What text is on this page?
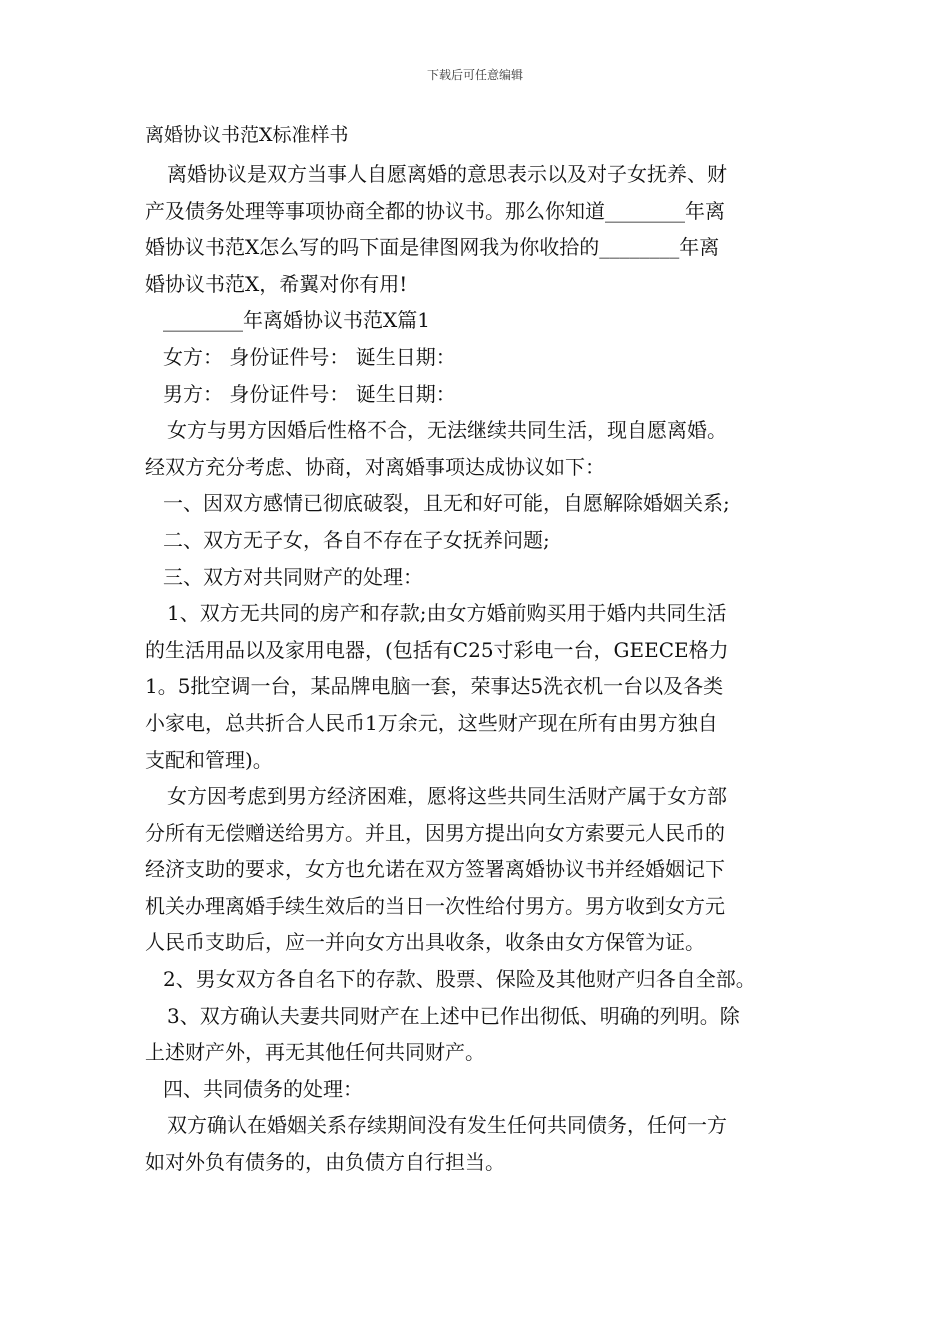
下载后可任意编辑
离婚协议书范X标准样书
离婚协议是双方当事人自愿离婚的意思表示以及对子女抚养、财
产及债务处理等事项协商全都的协议书。那么你知道________年离
婚协议书范X怎么写的吗下面是律图网我为你收拾的________年离
婚协议书范X，希翼对你有用!
________年离婚协议书范X篇1
女方： 身份证件号： 诞生日期：
男方： 身份证件号： 诞生日期：
女方与男方因婚后性格不合，无法继续共同生活，现自愿离婚。
经双方充分考虑、协商，对离婚事项达成协议如下：
一、因双方感情已彻底破裂，且无和好可能，自愿解除婚姻关系;
二、双方无子女，各自不存在子女抚养问题;
三、双方对共同财产的处理：
1、双方无共同的房产和存款;由女方婚前购买用于婚内共同生活
的生活用品以及家用电器，(包括有C25寸彩电一台，GEECE格力
1。5批空调一台，某品牌电脑一套，荣事达5洗衣机一台以及各类
小家电，总共折合人民币1万余元，这些财产现在所有由男方独自
支配和管理)。
女方因考虑到男方经济困难，愿将这些共同生活财产属于女方部
分所有无偿赠送给男方。并且，因男方提出向女方索要元人民币的
经济支助的要求，女方也允诺在双方签署离婚协议书并经婚姻记下
机关办理离婚手续生效后的当日一次性给付男方。男方收到女方元
人民币支助后，应一并向女方出具收条，收条由女方保管为证。
2、男女双方各自名下的存款、股票、保险及其他财产归各自全部。
3、双方确认夫妻共同财产在上述中已作出彻低、明确的列明。除
上述财产外，再无其他任何共同财产。
四、共同债务的处理：
双方确认在婚姻关系存续期间没有发生任何共同债务，任何一方
如对外负有债务的，由负债方自行担当。
